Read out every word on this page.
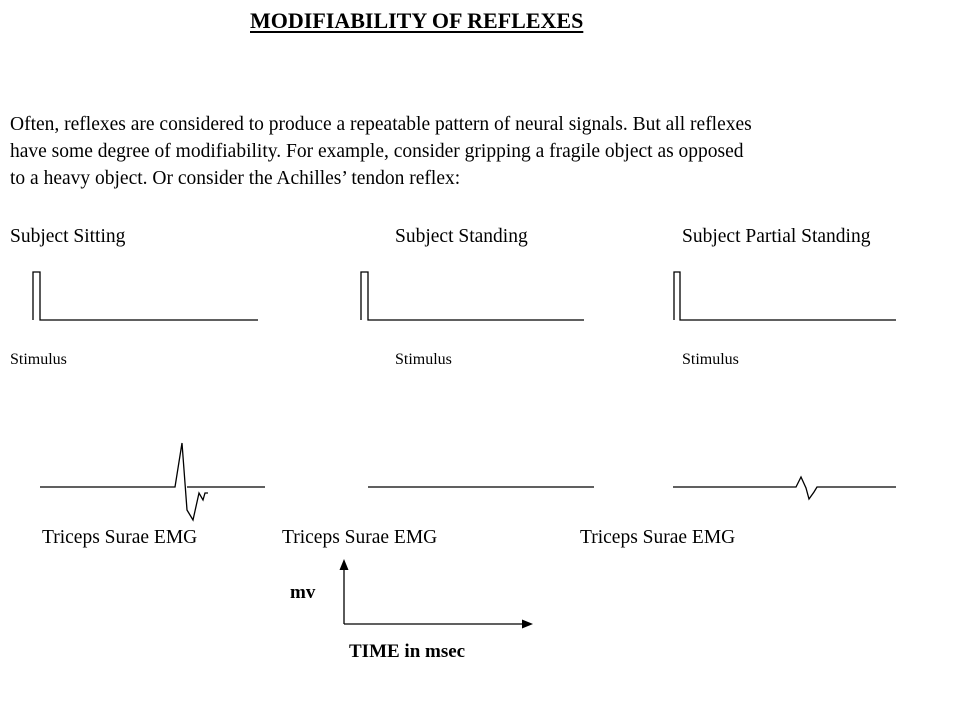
MODIFIABILITY OF REFLEXES
Often, reflexes are considered to produce a repeatable pattern of neural signals. But all reflexes
have some degree of modifiability. For example, consider gripping a fragile object as opposed
to a heavy object. Or consider the Achilles’ tendon reflex:
Subject Sitting	Subject Standing	Subject Partial Standing
Stimulus	Stimulus	Stimulus
Triceps Surae EMG	Triceps Surae EMG	Triceps Surae EMG
mv
TIME in msec
